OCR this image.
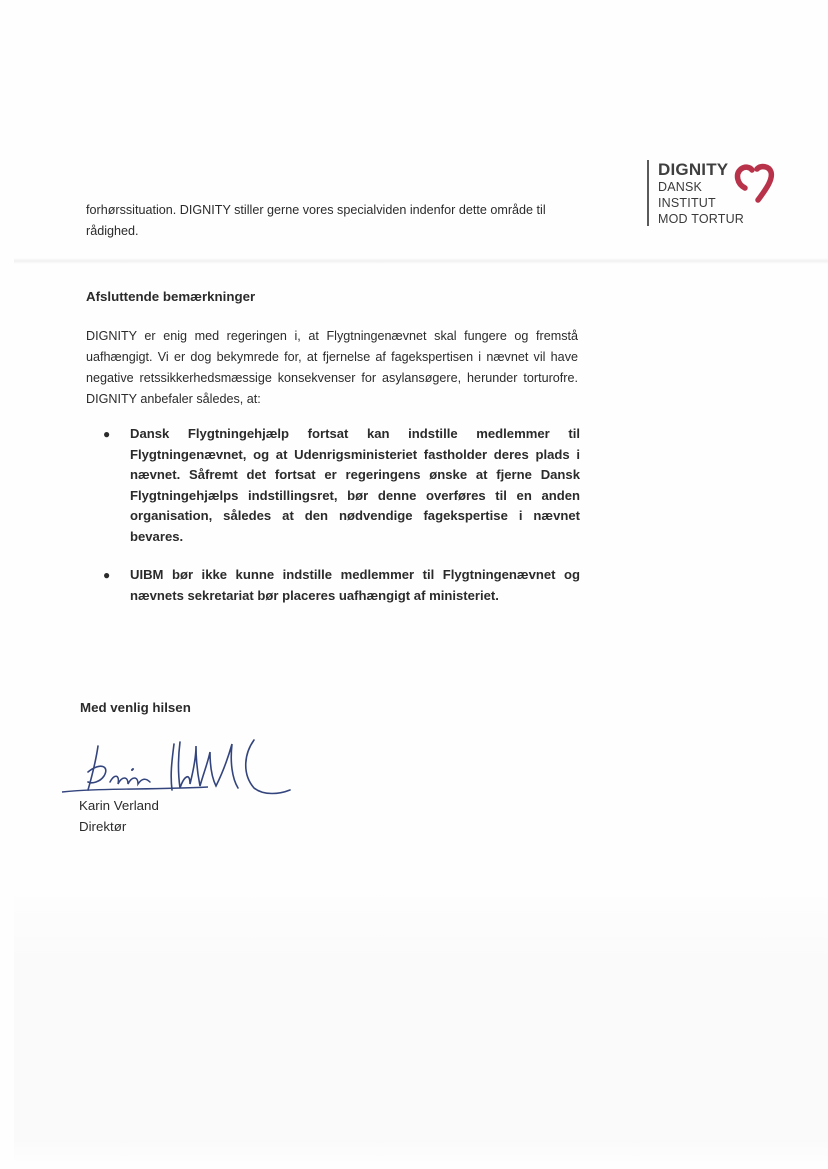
DIGNITY
DANSK
INSTITUT
MOD TORTUR
forhørssituation. DIGNITY stiller gerne vores specialviden indenfor dette område til rådighed.
Afsluttende bemærkninger
DIGNITY er enig med regeringen i, at Flygtningenævnet skal fungere og fremstå uafhængigt. Vi er dog bekymrede for, at fjernelse af fagekspertisen i nævnet vil have negative retssikkerhedsmæssige konsekvenser for asylansøgere, herunder torturofre. DIGNITY anbefaler således, at:
● Dansk Flygtningehjælp fortsat kan indstille medlemmer til Flygtningenævnet, og at Udenrigsministeriet fastholder deres plads i nævnet. Såfremt det fortsat er regeringens ønske at fjerne Dansk Flygtningehjælps indstillingsret, bør denne overføres til en anden organisation, således at den nødvendige fagekspertise i nævnet bevares.
● UIBM bør ikke kunne indstille medlemmer til Flygtningenævnet og nævnets sekretariat bør placeres uafhængigt af ministeriet.
Med venlig hilsen
Karin Verland
Direktør
